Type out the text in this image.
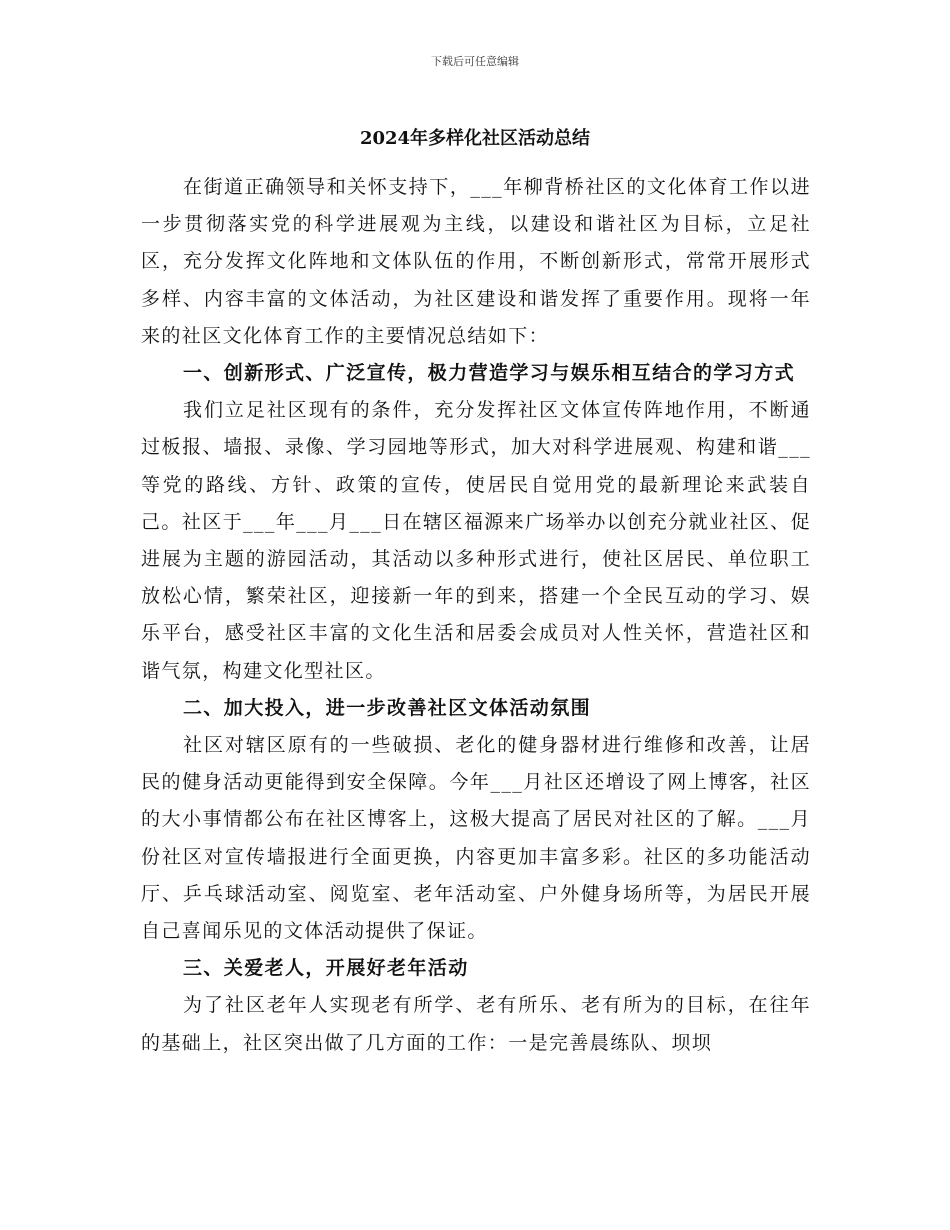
下载后可任意编辑
2024年多样化社区活动总结

在街道正确领导和关怀支持下，___年柳背桥社区的文化体育工作以进一步贯彻落实党的科学进展观为主线，以建设和谐社区为目标，立足社区，充分发挥文化阵地和文体队伍的作用，不断创新形式，常常开展形式多样、内容丰富的文体活动，为社区建设和谐发挥了重要作用。现将一年来的社区文化体育工作的主要情况总结如下：

一、创新形式、广泛宣传，极力营造学习与娱乐相互结合的学习方式

我们立足社区现有的条件，充分发挥社区文体宣传阵地作用，不断通过板报、墙报、录像、学习园地等形式，加大对科学进展观、构建和谐___等党的路线、方针、政策的宣传，使居民自觉用党的最新理论来武装自己。社区于___年___月___日在辖区福源来广场举办以创充分就业社区、促进展为主题的游园活动，其活动以多种形式进行，使社区居民、单位职工放松心情，繁荣社区，迎接新一年的到来，搭建一个全民互动的学习、娱乐平台，感受社区丰富的文化生活和居委会成员对人性关怀，营造社区和谐气氛，构建文化型社区。

二、加大投入，进一步改善社区文体活动氛围

社区对辖区原有的一些破损、老化的健身器材进行维修和改善，让居民的健身活动更能得到安全保障。今年___月社区还增设了网上博客，社区的大小事情都公布在社区博客上，这极大提高了居民对社区的了解。___月份社区对宣传墙报进行全面更换，内容更加丰富多彩。社区的多功能活动厅、乒乓球活动室、阅览室、老年活动室、户外健身场所等，为居民开展自己喜闻乐见的文体活动提供了保证。

三、关爱老人，开展好老年活动

为了社区老年人实现老有所学、老有所乐、老有所为的目标，在往年的基础上，社区突出做了几方面的工作：一是完善晨练队、坝坝
